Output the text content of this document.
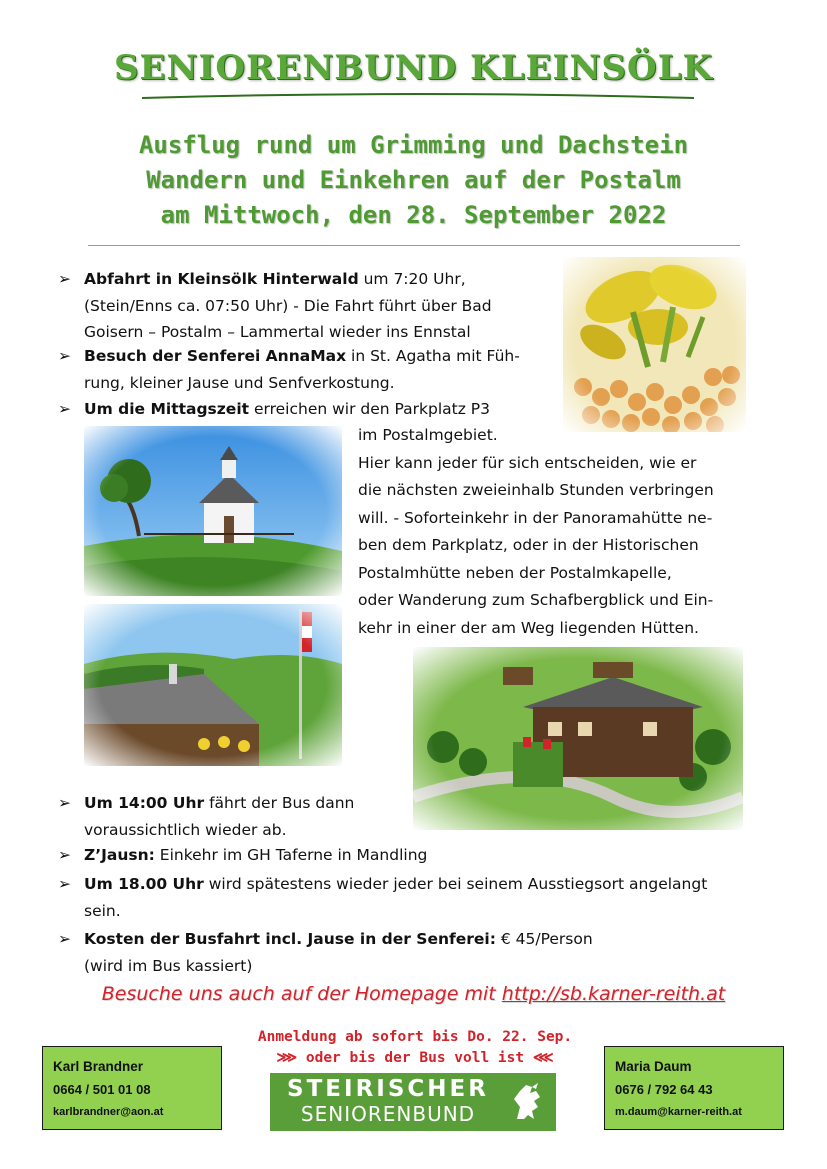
SENIORENBUND KLEINSÖLK
Ausflug rund um Grimming und Dachstein
Wandern und Einkehren auf der Postalm
am Mittwoch, den 28. September 2022
➢ Abfahrt in Kleinsölk Hinterwald um 7:20 Uhr,
(Stein/Enns ca. 07:50 Uhr) - Die Fahrt führt über Bad
Goisern – Postalm – Lammertal wieder ins Ennstal
➢ Besuch der Senferei AnnaMax in St. Agatha mit Füh-
rung, kleiner Jause und Senfverkostung.
➢ Um die Mittagszeit erreichen wir den Parkplatz P3
im Postalmgebiet.
Hier kann jeder für sich entscheiden, wie er
die nächsten zweieinhalb Stunden verbringen
will. - Soforteinkehr in der Panoramahütte ne-
ben dem Parkplatz, oder in der Historischen
Postalmhütte neben der Postalmkapelle,
oder Wanderung zum Schafbergblick und Ein-
kehr in einer der am Weg liegenden Hütten.
➢ Um 14:00 Uhr fährt der Bus dann
voraussichtlich wieder ab.
➢ Z’Jausn: Einkehr im GH Taferne in Mandling
➢ Um 18.00 Uhr wird spätestens wieder jeder bei seinem Ausstiegsort angelangt
sein.
➢ Kosten der Busfahrt incl. Jause in der Senferei: € 45/Person
(wird im Bus kassiert)
Besuche uns auch auf der Homepage mit http://sb.karner-reith.at
Anmeldung ab sofort bis Do. 22. Sep.
⋙ oder bis der Bus voll ist ⋘
Karl Brandner
0664 / 501 01 08
karlbrandner@aon.at
Maria Daum
0676 / 792 64 43
m.daum@karner-reith.at
STEIRISCHER
SENIORENBUND
